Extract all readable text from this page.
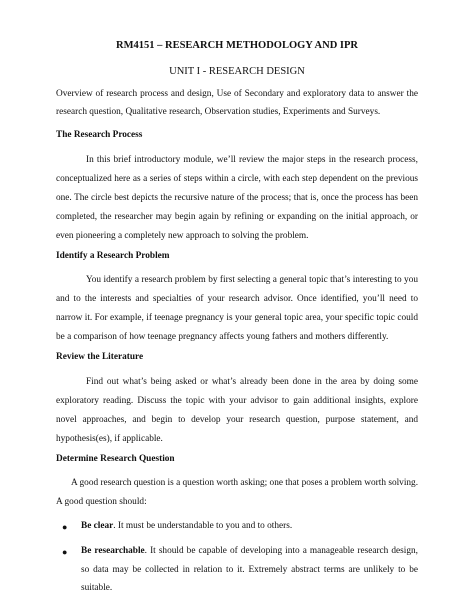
RM4151 – RESEARCH METHODOLOGY AND IPR
UNIT I - RESEARCH DESIGN
Overview of research process and design, Use of Secondary and exploratory data to answer the
research question, Qualitative research, Observation studies, Experiments and Surveys.
The Research Process
In this brief introductory module, we’ll review the major steps in the research process,
conceptualized here as a series of steps within a circle, with each step dependent on the previous
one. The circle best depicts the recursive nature of the process; that is, once the process has been
completed, the researcher may begin again by refining or expanding on the initial approach, or
even pioneering a completely new approach to solving the problem.
Identify a Research Problem
You identify a research problem by first selecting a general topic that’s interesting to you
and to the interests and specialties of your research advisor. Once identified, you’ll need to
narrow it. For example, if teenage pregnancy is your general topic area, your specific topic could
be a comparison of how teenage pregnancy affects young fathers and mothers differently.
Review the Literature
Find out what’s being asked or what’s already been done in the area by doing some
exploratory reading. Discuss the topic with your advisor to gain additional insights, explore
novel approaches, and begin to develop your research question, purpose statement, and
hypothesis(es), if applicable.
Determine Research Question
A good research question is a question worth asking; one that poses a problem worth solving.
A good question should:
● Be clear. It must be understandable to you and to others.
● Be researchable. It should be capable of developing into a manageable research design,
so data may be collected in relation to it. Extremely abstract terms are unlikely to be
suitable.
